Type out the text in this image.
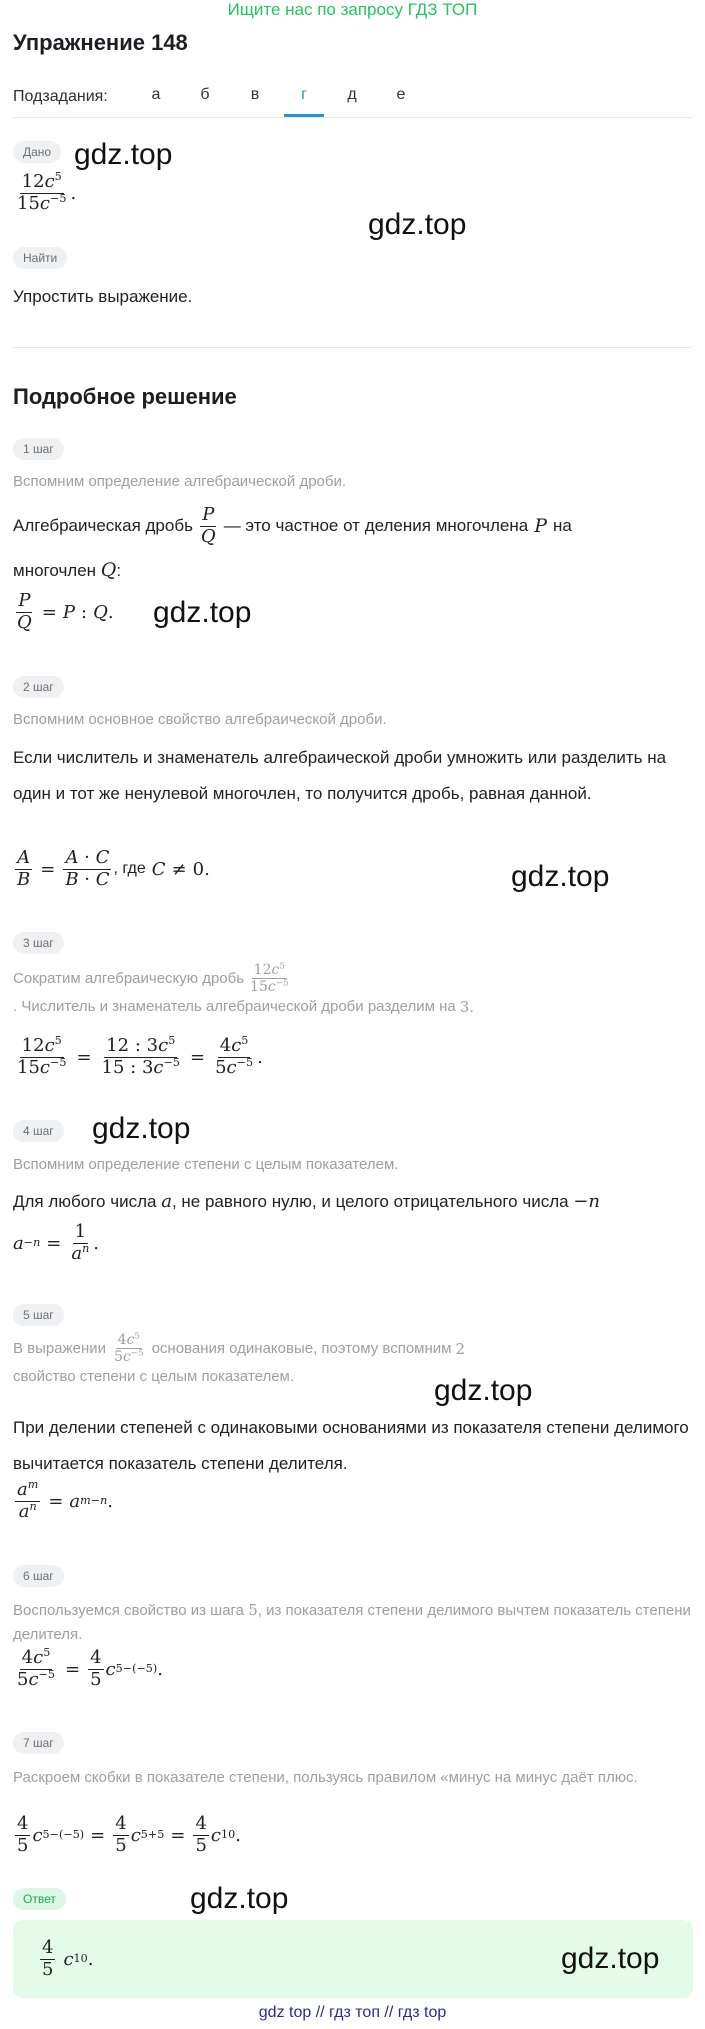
Ищите нас по запросу ГДЗ ТОП
Упражнение 148
Подзадания:	а	б	в	г	д	е
Дано gdz.top
$\frac{12c^5}{15c^{-5}}$ .
gdz.top
Найти
Упростить выражение.
Подробное решение
1 шаг
Вспомним определение алгебраической дроби.
Алгебраическая дробь $\frac{P}{Q}$ — это частное от деления многочлена P на
многочлен Q:
$\frac{P}{Q} = P$ : Q . gdz.top
2 шаг
Вспомним основное свойство алгебраической дроби.
Если числитель и знаменатель алгебраической дроби умножить или разделить на один и тот же ненулевой многочлен, то получится дробь, равная данной.
$\frac{A}{B} = \frac{A \cdot C}{B \cdot C}$ , где C ≠ 0.	gdz.top
3 шаг
Сократим алгебраическую дробь $\frac{12c^5}{15c^{-5}}$
. Числитель и знаменатель алгебраической дроби разделим на 3.
$\frac{12c^5}{15c^{-5}} = \frac{12 : 3c^5}{15 : 3c^{-5}} = \frac{4c^5}{5c^{-5}}$ .
4 шаг	gdz.top
Вспомним определение степени с целым показателем.
Для любого числа a, не равного нулю, и целого отрицательного числа −n
$a -n = \frac{1}{a^n}$ .
5 шаг
В выражении $\frac{4c^5}{5c^{-5}}$ основания одинаковые, поэтому вспомним 2
свойство степени с целым показателем.	gdz.top
При делении степеней с одинаковыми основаниями из показателя степени делимого вычитается показатель степени делителя.
$\frac{a^m}{a^n} = a$ m−n .
6 шаг
Воспользуемся свойство из шага 5, из показателя степени делимого вычтем показатель степени делителя.
$\frac{4c^5}{5c^{-5}} = \frac{4}{5}$ c 5−(−5) .
7 шаг
Раскроем скобки в показателе степени, пользуясь правилом «минус на минус даёт плюс.
$\frac{4}{5}$ c $5-(-5) = \frac{4}{5}$ c $5+5 = \frac{4}{5}$ c 10 .
Ответ	gdz.top
$\frac{4}{5}$ c 10 .	gdz.top
gdz top // гдз топ // гдз top
